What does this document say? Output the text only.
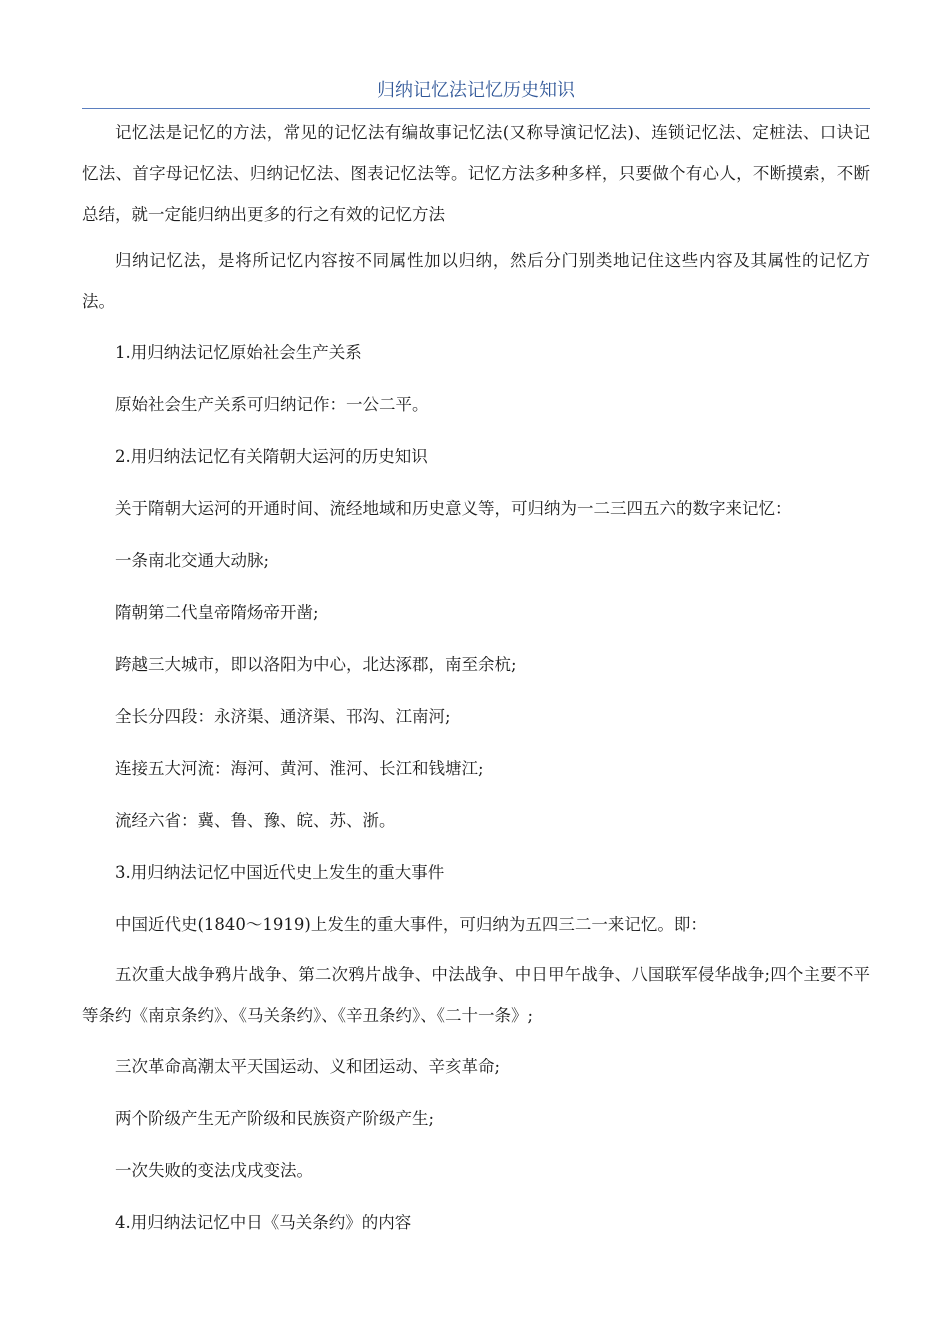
归纳记忆法记忆历史知识

记忆法是记忆的方法，常见的记忆法有编故事记忆法(又称导演记忆法)、连锁记忆法、定桩法、口诀记忆法、首字母记忆法、归纳记忆法、图表记忆法等。记忆方法多种多样，只要做个有心人，不断摸索，不断总结，就一定能归纳出更多的行之有效的记忆方法

归纳记忆法，是将所记忆内容按不同属性加以归纳，然后分门别类地记住这些内容及其属性的记忆方法。

1.用归纳法记忆原始社会生产关系

原始社会生产关系可归纳记作：一公二平。

2.用归纳法记忆有关隋朝大运河的历史知识

关于隋朝大运河的开通时间、流经地域和历史意义等，可归纳为一二三四五六的数字来记忆：

一条南北交通大动脉;

隋朝第二代皇帝隋炀帝开凿;

跨越三大城市，即以洛阳为中心，北达涿郡，南至余杭;

全长分四段：永济渠、通济渠、邗沟、江南河;

连接五大河流：海河、黄河、淮河、长江和钱塘江;

流经六省：冀、鲁、豫、皖、苏、浙。

3.用归纳法记忆中国近代史上发生的重大事件

中国近代史(1840～1919)上发生的重大事件，可归纳为五四三二一来记忆。即：

五次重大战争鸦片战争、第二次鸦片战争、中法战争、中日甲午战争、八国联军侵华战争;四个主要不平等条约《南京条约》、《马关条约》、《辛丑条约》、《二十一条》;

三次革命高潮太平天国运动、义和团运动、辛亥革命;

两个阶级产生无产阶级和民族资产阶级产生;

一次失败的变法戊戌变法。

4.用归纳法记忆中日《马关条约》的内容
